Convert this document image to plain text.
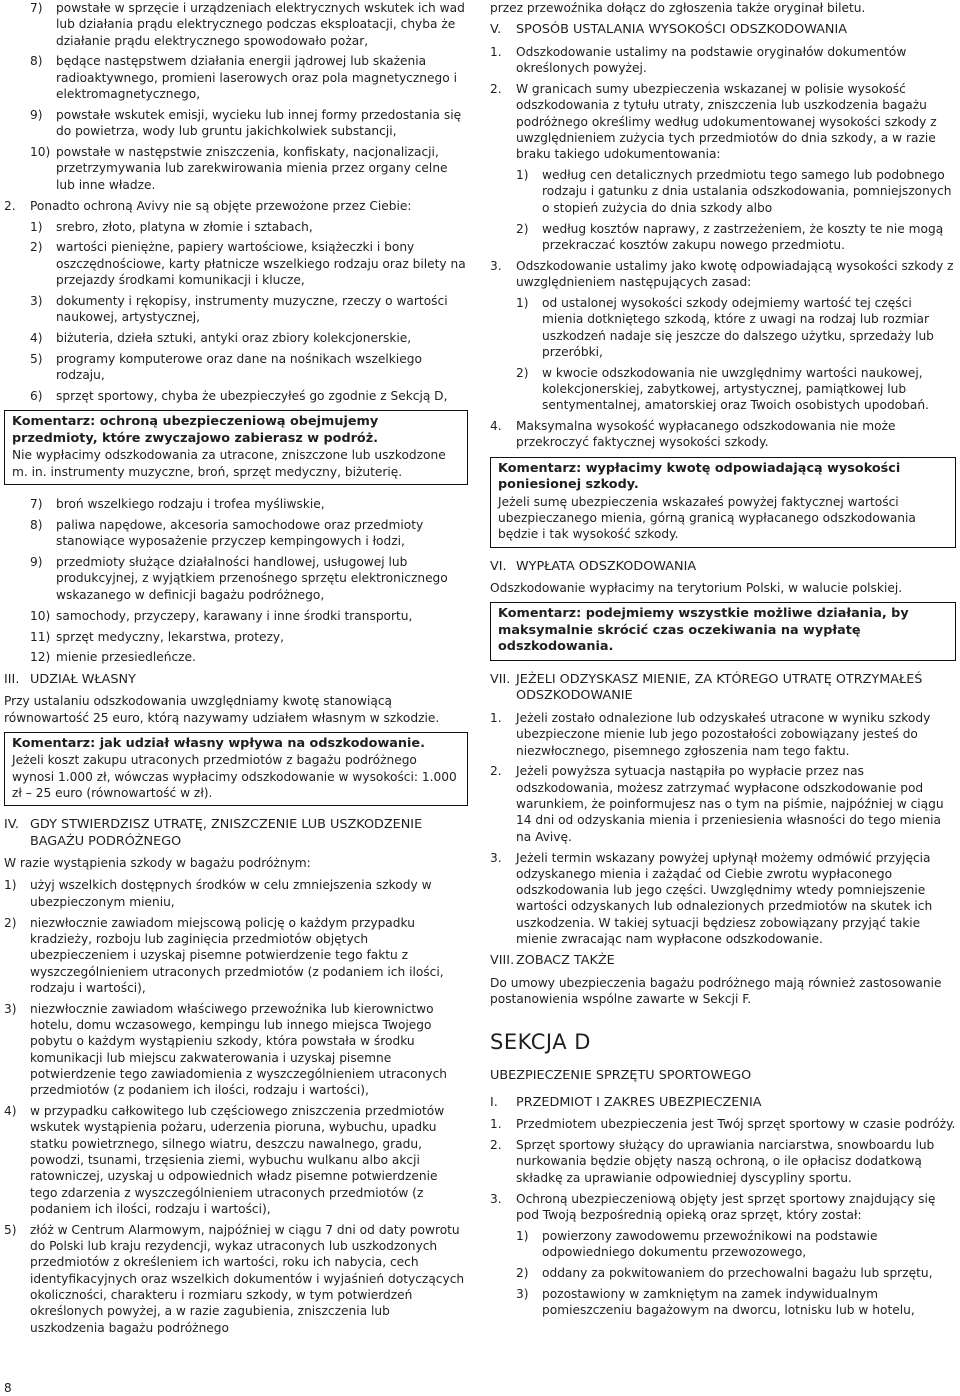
7) powstałe w sprzęcie i urządzeniach elektrycznych wskutek ich wad lub działania prądu elektrycznego podczas eksploatacji, chyba że działanie prądu elektrycznego spowodowało pożar,
8) będące następstwem działania energii jądrowej lub skażenia radioaktywnego, promieni laserowych oraz pola magnetycznego i elektromagnetycznego,
9) powstałe wskutek emisji, wycieku lub innej formy przedostania się do powietrza, wody lub gruntu jakichkolwiek substancji,
10) powstałe w następstwie zniszczenia, konfiskaty, nacjonalizacji, przetrzymywania lub zarekwirowania mienia przez organy celne lub inne władze.
2. Ponadto ochroną Avivy nie są objęte przewożone przez Ciebie:
1) srebro, złoto, platyna w złomie i sztabach,
2) wartości pieniężne, papiery wartościowe, książeczki i bony oszczędnościowe, karty płatnicze wszelkiego rodzaju oraz bilety na przejazdy środkami komunikacji i klucze,
3) dokumenty i rękopisy, instrumenty muzyczne, rzeczy o wartości naukowej, artystycznej,
4) biżuteria, dzieła sztuki, antyki oraz zbiory kolekcjonerskie,
5) programy komputerowe oraz dane na nośnikach wszelkiego rodzaju,
6) sprzęt sportowy, chyba że ubezpieczyłeś go zgodnie z Sekcją D,

Komentarz: ochroną ubezpieczeniową obejmujemy przedmioty, które zwyczajowo zabierasz w podróż.

Nie wypłacimy odszkodowania za utracone, zniszczone lub uszkodzone m. in. instrumenty muzyczne, broń, sprzęt medyczny, biżuterię.

7) broń wszelkiego rodzaju i trofea myśliwskie,
8) paliwa napędowe, akcesoria samochodowe oraz przedmioty stanowiące wyposażenie przyczep kempingowych i łodzi,
9) przedmioty służące działalności handlowej, usługowej lub produkcyjnej, z wyjątkiem przenośnego sprzętu elektronicznego wskazanego w definicji bagażu podróżnego,
10) samochody, przyczepy, karawany i inne środki transportu,
11) sprzęt medyczny, lekarstwa, protezy,
12) mienie przesiedleńcze.
III. UDZIAŁ WŁASNY

Przy ustalaniu odszkodowania uwzględniamy kwotę stanowiącą równowartość 25 euro, którą nazywamy udziałem własnym w szkodzie.

Komentarz: jak udział własny wpływa na odszkodowanie.

Jeżeli koszt zakupu utraconych przedmiotów z bagażu podróżnego wynosi 1.000 zł, wówczas wypłacimy odszkodowanie w wysokości: 1.000 zł – 25 euro (równowartość w zł).

IV. GDY STWIERDZISZ UTRATĘ, ZNISZCZENIE LUB USZKODZENIE BAGAŻU PODRÓŻNEGO

W razie wystąpienia szkody w bagażu podróżnym:

1) użyj wszelkich dostępnych środków w celu zmniejszenia szkody w ubezpieczonym mieniu,
2) niezwłocznie zawiadom miejscową policję o każdym przypadku kradzieży, rozboju lub zaginięcia przedmiotów objętych ubezpieczeniem i uzyskaj pisemne potwierdzenie tego faktu z wyszczególnieniem utraconych przedmiotów (z podaniem ich ilości, rodzaju i wartości),
3) niezwłocznie zawiadom właściwego przewoźnika lub kierownictwo hotelu, domu wczasowego, kempingu lub innego miejsca Twojego pobytu o każdym wystąpieniu szkody, która powstała w środku komunikacji lub miejscu zakwaterowania i uzyskaj pisemne potwierdzenie tego zawiadomienia z wyszczególnieniem utraconych przedmiotów (z podaniem ich ilości, rodzaju i wartości),
4) w przypadku całkowitego lub częściowego zniszczenia przedmiotów wskutek wystąpienia pożaru, uderzenia pioruna, wybuchu, upadku statku powietrznego, silnego wiatru, deszczu nawalnego, gradu, powodzi, tsunami, trzęsienia ziemi, wybuchu wulkanu albo akcji ratowniczej, uzyskaj u odpowiednich władz pisemne potwierdzenie tego zdarzenia z wyszczególnieniem utraconych przedmiotów (z podaniem ich ilości, rodzaju i wartości),
5) złóż w Centrum Alarmowym, najpóźniej w ciągu 7 dni od daty powrotu do Polski lub kraju rezydencji, wykaz utraconych lub uszkodzonych przedmiotów z określeniem ich wartości, roku ich nabycia, cech identyfikacyjnych oraz wszelkich dokumentów i wyjaśnień dotyczących okoliczności, charakteru i rozmiaru szkody, w tym potwierdzeń określonych powyżej, a w razie zagubienia, zniszczenia lub uszkodzenia bagażu podróżnego
8

przez przewoźnika dołącz do zgłoszenia także oryginał biletu.

V. SPOSÓB USTALANIA WYSOKOŚCI ODSZKODOWANIA
1. Odszkodowanie ustalimy na podstawie oryginałów dokumentów określonych powyżej.
2. W granicach sumy ubezpieczenia wskazanej w polisie wysokość odszkodowania z tytułu utraty, zniszczenia lub uszkodzenia bagażu podróżnego określimy według udokumentowanej wysokości szkody z uwzględnieniem zużycia tych przedmiotów do dnia szkody, a w razie braku takiego udokumentowania:
1) według cen detalicznych przedmiotu tego samego lub podobnego rodzaju i gatunku z dnia ustalania odszkodowania, pomniejszonych o stopień zużycia do dnia szkody albo
2) według kosztów naprawy, z zastrzeżeniem, że koszty te nie mogą przekraczać kosztów zakupu nowego przedmiotu.
3. Odszkodowanie ustalimy jako kwotę odpowiadającą wysokości szkody z uwzględnieniem następujących zasad:
1) od ustalonej wysokości szkody odejmiemy wartość tej części mienia dotkniętego szkodą, które z uwagi na rodzaj lub rozmiar uszkodzeń nadaje się jeszcze do dalszego użytku, sprzedaży lub przeróbki,
2) w kwocie odszkodowania nie uwzględnimy wartości naukowej, kolekcjonerskiej, zabytkowej, artystycznej, pamiątkowej lub sentymentalnej, amatorskiej oraz Twoich osobistych upodobań.
4. Maksymalna wysokość wypłacanego odszkodowania nie może przekroczyć faktycznej wysokości szkody.

Komentarz: wypłacimy kwotę odpowiadającą wysokości poniesionej szkody.

Jeżeli sumę ubezpieczenia wskazałeś powyżej faktycznej wartości ubezpieczanego mienia, górną granicą wypłacanego odszkodowania będzie i tak wysokość szkody.

VI. WYPŁATA ODSZKODOWANIA

Odszkodowanie wypłacimy na terytorium Polski, w walucie polskiej.

Komentarz: podejmiemy wszystkie możliwe działania, by maksymalnie skrócić czas oczekiwania na wypłatę odszkodowania.

VII. JEŻELI ODZYSKASZ MIENIE, ZA KTÓREGO UTRATĘ OTRZYMAŁEŚ ODSZKODOWANIE
1. Jeżeli zostało odnalezione lub odzyskałeś utracone w wyniku szkody ubezpieczone mienie lub jego pozostałości zobowiązany jesteś do niezwłocznego, pisemnego zgłoszenia nam tego faktu.
2. Jeżeli powyższa sytuacja nastąpiła po wypłacie przez nas odszkodowania, możesz zatrzymać wypłacone odszkodowanie pod warunkiem, że poinformujesz nas o tym na piśmie, najpóźniej w ciągu 14 dni od odzyskania mienia i przeniesienia własności do tego mienia na Avivę.
3. Jeżeli termin wskazany powyżej upłynął możemy odmówić przyjęcia odzyskanego mienia i zażądać od Ciebie zwrotu wypłaconego odszkodowania lub jego części. Uwzględnimy wtedy pomniejszenie wartości odzyskanych lub odnalezionych przedmiotów na skutek ich uszkodzenia. W takiej sytuacji będziesz zobowiązany przyjąć takie mienie zwracając nam wypłacone odszkodowanie.
VIII. ZOBACZ TAKŻE

Do umowy ubezpieczenia bagażu podróżnego mają również zastosowanie postanowienia wspólne zawarte w Sekcji F.

SEKCJA D
UBEZPIECZENIE SPRZĘTU SPORTOWEGO
I. PRZEDMIOT I ZAKRES UBEZPIECZENIA
1. Przedmiotem ubezpieczenia jest Twój sprzęt sportowy w czasie podróży.
2. Sprzęt sportowy służący do uprawiania narciarstwa, snowboardu lub nurkowania będzie objęty naszą ochroną, o ile opłacisz dodatkową składkę za uprawianie odpowiedniej dyscypliny sportu.
3. Ochroną ubezpieczeniową objęty jest sprzęt sportowy znajdujący się pod Twoją bezpośrednią opieką oraz sprzęt, który został:
1) powierzony zawodowemu przewoźnikowi na podstawie odpowiedniego dokumentu przewozowego,
2) oddany za pokwitowaniem do przechowalni bagażu lub sprzętu,
3) pozostawiony w zamkniętym na zamek indywidualnym pomieszczeniu bagażowym na dworcu, lotnisku lub w hotelu,
